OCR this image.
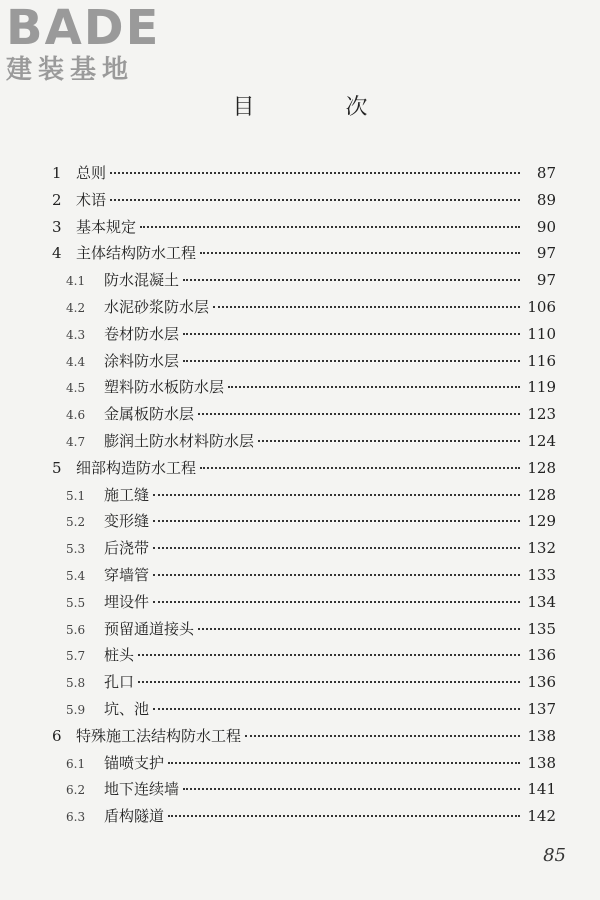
BADE
建装基地
目 次
1 总则	87
2 术语	89
3 基本规定	90
4 主体结构防水工程	97
4.1	防水混凝土	97
4.2	水泥砂浆防水层	106
4.3	卷材防水层	110
4.4	涂料防水层	116
4.5	塑料防水板防水层	119
4.6	金属板防水层	123
4.7	膨润土防水材料防水层	124
5 细部构造防水工程	128
5.1	施工缝	128
5.2	变形缝	129
5.3	后浇带	132
5.4	穿墙管	133
5.5	埋设件	134
5.6	预留通道接头	135
5.7	桩头	136
5.8	孔口	136
5.9	坑、池	137
6 特殊施工法结构防水工程	138
6.1	锚喷支护	138
6.2	地下连续墙	141
6.3	盾构隧道	142
85
